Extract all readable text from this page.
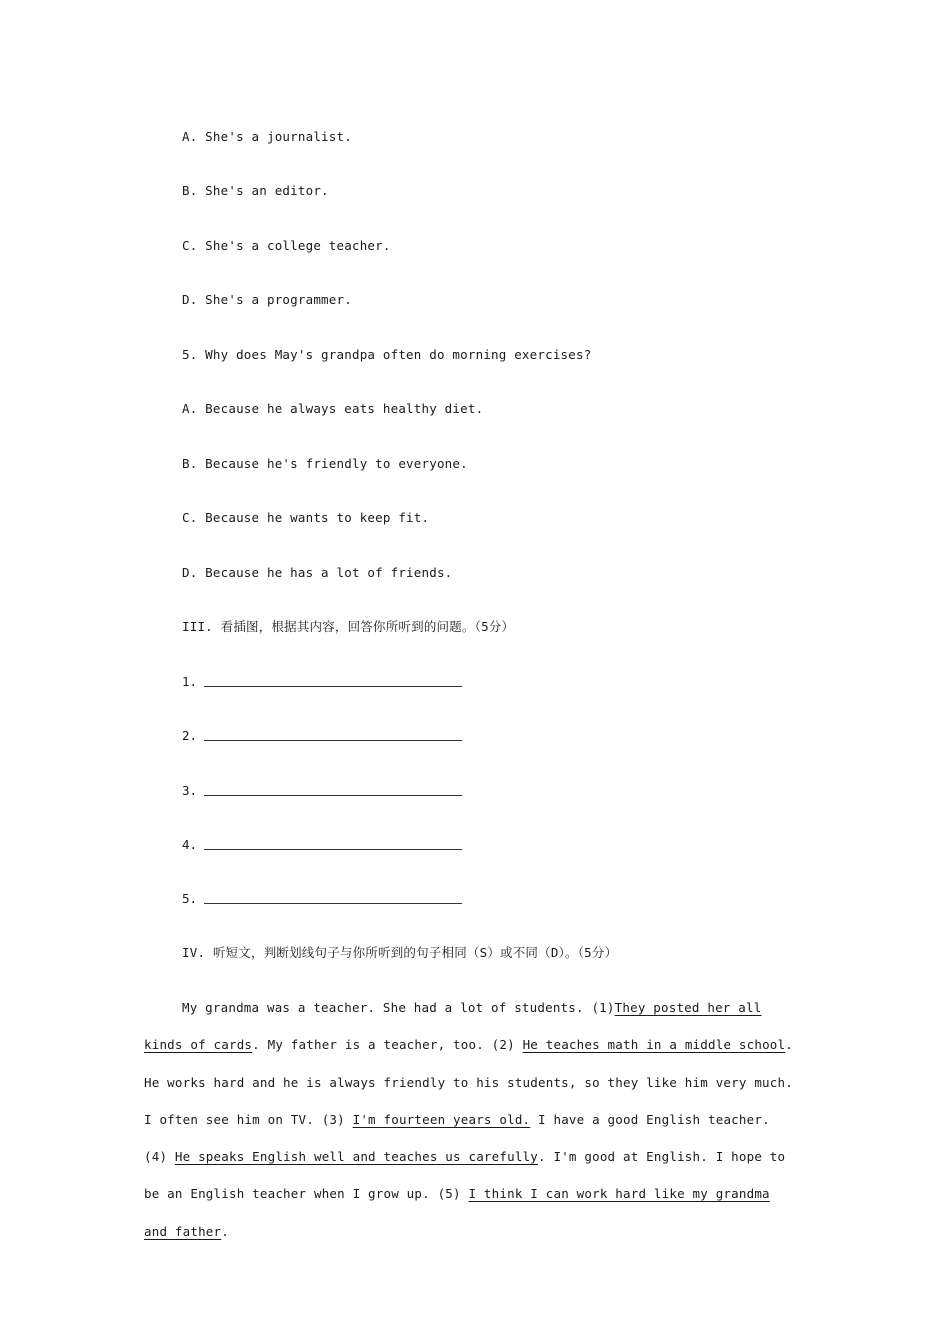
A. She's a journalist.
B. She's an editor.
C. She's a college teacher.
D. She's a programmer.
5. Why does May's grandpa often do morning exercises?
A. Because he always eats healthy diet.
B. Because he's friendly to everyone.
C. Because he wants to keep fit.
D. Because he has a lot of friends.
III. 看插图，根据其内容，回答你所听到的问题。（5分）
1.
2.
3.
4.
5.
IV. 听短文，判断划线句子与你所听到的句子相同（S）或不同（D）。（5分）
My grandma was a teacher. She had a lot of students. (1)They posted her all kinds of cards. My father is a teacher, too. (2) He teaches math in a middle school. He works hard and he is always friendly to his students, so they like him very much. I often see him on TV. (3) I'm fourteen years old. I have a good English teacher. (4) He speaks English well and teaches us carefully. I'm good at English. I hope to be an English teacher when I grow up. (5) I think I can work hard like my grandma and father.
